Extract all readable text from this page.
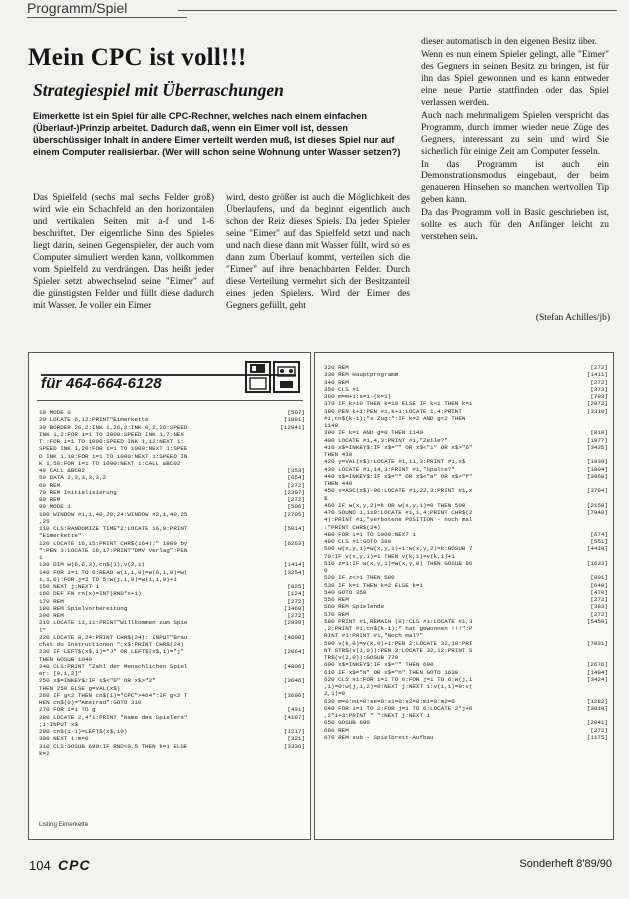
Programm/Spiel
Mein CPC ist voll!!!
Strategiespiel mit Überraschungen
Eimerkette ist ein Spiel für alle CPC-Rechner, welches nach einem einfachen (Überlauf-)Prinzip arbeitet. Dadurch daß, wenn ein Eimer voll ist, dessen überschüssiger Inhalt in andere Eimer verteilt werden muß, ist dieses Spiel nur auf einem Computer realisierbar. (Wer will schon seine Wohnung unter Wasser setzen?)

Das Spielfeld (sechs mal sechs Felder groß) wird wie ein Schachfeld an den horizontalen und vertikalen Seiten mit a-f und 1-6 beschriftet. Der eigentliche Sinn des Spieles liegt darin, seinen Gegenspieler, der auch vom Computer simuliert werden kann, vollkommen vom Spielfeld zu verdrängen. Das heißt jeder Spieler setzt abwechselnd seine "Eimer" auf die günstigsten Felder und füllt diese dadurch mit Wasser. Je voller ein Eimer

wird, desto größer ist auch die Möglichkeit des Überlaufens, und da beginnt eigentlich auch schon der Reiz dieses Spiels. Da jeder Spieler seine "Eimer" auf das Spielfeld setzt und nach und nach diese dann mit Wasser füllt, wird so es dann zum Überlauf kommt, verteilen sich die "Eimer" auf ihre benachbarten Felder. Durch diese Verteilung vermehrt sich der Besitzanteil eines jeden Spielers. Wird der Eimer des Gegners gefüllt, geht

dieser automatisch in den eigenen Besitz über.

Wenn es nun einem Spieler gelingt, alle "Eimer" des Gegners in seinen Besitz zu bringen, ist für ihn das Spiel gewonnen und es kann entweder eine neue Partie stattfinden oder das Spiel verlassen werden.

Auch nach mehrmaligem Spielen verspricht das Programm, durch immer wieder neue Züge des Gegners, interessant zu sein und wird Sie sicherlich für einige Zeit am Computer fesseln.

In das Programm ist auch ein Demonstrationsmodus eingebaut, der beim genaueren Hinsehen so manchen wertvollen Tip geben kann.

Da das Programm voll in Basic geschrieben ist, sollte es auch für den Anfänger leicht zu verstehen sein.

(Stefan Achilles/jb)
für 464-664-6128
10 MODE 0	[507]
20 LOCATE 6,12:PRINT"Eimerkette	[1881]
30 BORDER 26,2:INK 1,26,2:INK 0,2,26:SPEED	[12941]
INK 1,2:FOR i=1 TO 2000:SPEED INK 1,7:NEX
T :FOR i=1 TO 1000:SPEED INK 1,12:NEXT 1:
SPEED INK 1,20:FOR i=1 TO 1000:NEXT 1:SPEE
D INK 1,10:FOR i=1 TO 1000:NEXT 1:SPEED IN
K 1,50:FOR i=1 TO 1000:NEXT 1:CALL &BC02
40 CALL &BC02	[353]
50 DATA 2,3,3,3,3,2	[654]
60 REM	[272]
70 REM Initialisierung	[2397]
80 REM	[272]
90 MODE 1	[506]
100 WINDOW #1,1,40,20,24:WINDOW #2,1,40,25	[2705]
,25
110 CLS:RANDOMIZE TIME*2:LOCATE 16,9:PRINT	[5014]
"Eimerkette"
120 LOCATE 16,15:PRINT CHR$(164);" 1989 by	[6263]
":PEN 3:LOCATE 16,17:PRINT"DMV Verlag":PEN
1
130 DIM w(6,6,3),cn$(1),v(2,1)	[1414]
140 FOR i=1 TO 6:READ w(1,i,0)=w(6,i,0)=w(	[3254]
i,1,0):FOR j=2 TO 5:w(j,i,0)=w(1,i,0)+1
150 NEXT j:NEXT i	[825]
160 DEF FN rn(x)=INT(RND*x+1)	[124]
170 REM	[272]
180 REM Spielvorbereitung	[1469]
200 REM	[272]
210 LOCATE 11,11:PRINT"Willkommen zum Spie	[2939]
l"
220 LOCATE 8,24:PRINT CHR$(24): INPUT"Brau	[4608]
chst du Instructionen ";x$:PRINT CHR$(24)
230 IF LEFT$(x$,1)="J" OR LEFT$(x$,1)="j"	[2064]
THEN GOSUB 1040
240 CLS:PRINT "Zahl der Menschlichen Spiel	[4806]
er: [0,1,2]"
250 x$=INKEY$:IF x$<"0" OR x$>"2"	[3646]
THEN 250 ELSE g=VAL(x$)
260 IF g<2 THEN cn$(1)="CPC">464":IF g<2 T	[3696]
HEN cn$(0)="Amstrad":GOTO 310
270 FOR i=1 TO g	[431]
280 LOCATE 2,4*i:PRINT "Name des Spielers"	[4107]
;i:INPUT x$
290 cn$(i-1)=LEFT$(x$,10)	[1217]
300 NEXT i:m=0	[321]
310 CLS:GOSUB 690:IF RND<0.5 THEN k=1 ELSE	[3336]
k=2
Listing Eimerkette
320 REM	[272]
330 REM Hauptprogramm	[1411]
340 REM	[272]
350 CLS #1	[373]
360 m=m+1:s=1-(k=1)	[793]
370 IF k>10 THEN k=10 ELSE IF k<1 THEN k=1	[2872]
380 PEN k+1:PEN #1,k+1:LOCATE 1,4:PRINT	[3310]
#1,cn$(k-1);"s Zug:":IF k=2 AND g<2 THEN
1140
390 IF k=1 AND g=0 THEN 1140	[810]
400 LOCATE #1,4,3:PRINT #1,"Zeile?"	[1977]
410 x$=INKEY$:IF x$="" OR x$<"1" OR x$>"6"	[3435]
THEN 410
420 y=VAL(x$):LOCATE #1,11,3:PRINT #1,x$	[1939]
430 LOCATE #1,14,3:PRINT #1,"Spalte?"	[1804]
440 x$=INKEY$:IF x$="" OR x$<"a" OR x$>"f"	[3968]
THEN 440
450 x=ASC(x$)-96:LOCATE #1,22,3:PRINT #1,x	[3794]
$
460 IF w(x,y,2)=k OR w(x,y,1)=0 THEN 500	[2158]
470 SOUND 1,110:LOCATE #1,1,4:PRINT CHR$(2	[7948]
4):PRINT #1,"verbotene POSITION - noch mal
:"PRINT CHR$(24)
480 FOR i=1 TO 1000:NEXT i	[674]
490 CLS #1:GOTO 380	[551]
500 w(x,y,1)=w(x,y,1)+1:w(x,y,2)=k:GOSUB 7	[4410]
70:IF v(x,y,1)=1 THEN v(k,1)=v(k,1)+1
510 z=1:IF w(x,y,1)=w(x,y,0) THEN GOSUB 86	[1633]
0
520 IF z<>1 THEN 580	[801]
530 IF k=1 THEN k=2 ELSE k=1	[648]
540 GOTO 350	[470]
550 REM	[272]
560 REM Spielende	[383]
570 REM	[272]
580 PRINT #1,REMAIN (0):CLS #1:LOCATE #1,3	[5450]
,2:PRINT #1,cn$(k-1);" hat gewonnen !!!":P
RINT #1:PRINT #1,"Noch mal?"
590 v(k,0)=v(k,0)+1:PEN 2:LOCATE 32,10:PRI	[7031]
NT STR$(v(1,0)):PEN 3:LOCATE 32,12:PRINT S
TR$(v(2,0)):GOSUB 770
600 x$=INKEY$:IF x$="" THEN 600	[2676]
610 IF x$="N" OR x$="n" THEN GOTO 1630	[1494]
620 CLS #1:FOR i=1 TO 6:FOR j=1 TO 6:w(j,i	[3424]
,1)=0:w(j,i,2)=0:NEXT j:NEXT i:v(1,1)=0:v(
2,1)=0
630 m=0:mi=0:se=0:s1=0:s2=0:m1=0:m2=0	[1282]
640 FOR i=1 TO 2:FOR j=1 TO 6:LOCATE 2*j+6	[3010]
,2*i+3:PRINT " ":NEXT j:NEXT i
650 GOSUB 690	[2041]
660 REM	[272]
670 REM sub - Spielbrett-Aufbau	[1175]
104 CPC	Sonderheft 8'89/90
